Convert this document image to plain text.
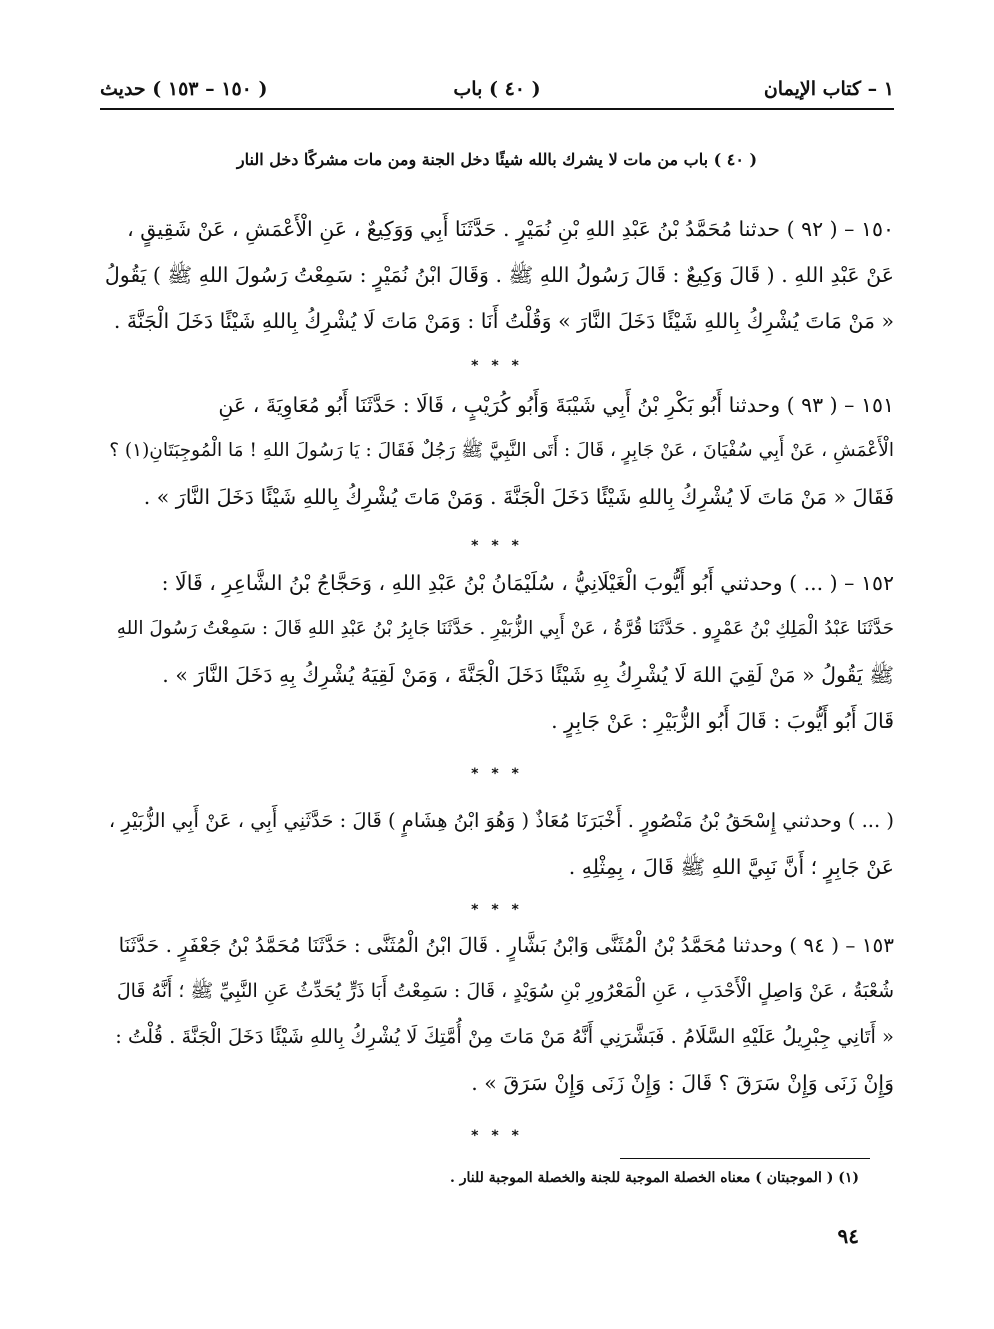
١ – كتاب الإيمان
( ٤٠ ) باب
( ١٥٠ – ١٥٣ ) حديث
( ٤٠ ) باب من مات لا يشرك بالله شيئًا دخل الجنة ومن مات مشركًا دخل النار
١٥٠ – ( ٩٢ ) حدثنا مُحَمَّدُ بْنُ عَبْدِ اللهِ بْنِ نُمَيْرٍ . حَدَّثَنَا أَبِي وَوَكِيعٌ ، عَنِ الْأَعْمَشِ ، عَنْ شَقِيقٍ ،
عَنْ عَبْدِ اللهِ . ( قَالَ وَكِيعٌ : قَالَ رَسُولُ اللهِ ﷺ . وَقَالَ ابْنُ نُمَيْرٍ : سَمِعْتُ رَسُولَ اللهِ ﷺ ) يَقُولُ
« مَنْ مَاتَ يُشْرِكُ بِاللهِ شَيْئًا دَخَلَ النَّارَ » وَقُلْتُ أَنَا : وَمَنْ مَاتَ لَا يُشْرِكُ بِاللهِ شَيْئًا دَخَلَ الْجَنَّةَ .
* * *
١٥١ – ( ٩٣ ) وحدثنا أَبُو بَكْرِ بْنُ أَبِي شَيْبَةَ وَأَبُو كُرَيْبٍ ، قَالَا : حَدَّثَنَا أَبُو مُعَاوِيَةَ ، عَنِ
الْأَعْمَشِ ، عَنْ أَبِي سُفْيَانَ ، عَنْ جَابِرٍ ، قَالَ : أَتَى النَّبِيَّ ﷺ رَجُلٌ فَقَالَ : يَا رَسُولَ اللهِ ! مَا الْمُوجِبَتَانِ(١) ؟
فَقَالَ « مَنْ مَاتَ لَا يُشْرِكُ بِاللهِ شَيْئًا دَخَلَ الْجَنَّةَ . وَمَنْ مَاتَ يُشْرِكُ بِاللهِ شَيْئًا دَخَلَ النَّارَ » .
* * *
١٥٢ – ( ... ) وحدثني أَبُو أَيُّوبَ الْغَيْلَانِيُّ ، سُلَيْمَانُ بْنُ عَبْدِ اللهِ ، وَحَجَّاجُ بْنُ الشَّاعِرِ ، قَالَا :
حَدَّثَنَا عَبْدُ الْمَلِكِ بْنُ عَمْرٍو . حَدَّثَنَا قُرَّةُ ، عَنْ أَبِي الزُّبَيْرِ . حَدَّثَنَا جَابِرُ بْنُ عَبْدِ اللهِ قَالَ : سَمِعْتُ رَسُولَ اللهِ
ﷺ يَقُولُ « مَنْ لَقِيَ اللهَ لَا يُشْرِكُ بِهِ شَيْئًا دَخَلَ الْجَنَّةَ ، وَمَنْ لَقِيَهُ يُشْرِكُ بِهِ دَخَلَ النَّارَ » .
قَالَ أَبُو أَيُّوبَ : قَالَ أَبُو الزُّبَيْرِ : عَنْ جَابِرٍ .
* * *
( ... ) وحدثني إِسْحَقُ بْنُ مَنْصُورٍ . أَخْبَرَنَا مُعَاذٌ ( وَهُوَ ابْنُ هِشَامٍ ) قَالَ : حَدَّثَنِي أَبِي ، عَنْ أَبِي الزُّبَيْرِ ،
عَنْ جَابِرٍ ؛ أَنَّ نَبِيَّ اللهِ ﷺ قَالَ ، بِمِثْلِهِ .
* * *
١٥٣ – ( ٩٤ ) وحدثنا مُحَمَّدُ بْنُ الْمُثَنَّى وَابْنُ بَشَّارٍ . قَالَ ابْنُ الْمُثَنَّى : حَدَّثَنَا مُحَمَّدُ بْنُ جَعْفَرٍ . حَدَّثَنَا
شُعْبَةُ ، عَنْ وَاصِلٍ الْأَحْدَبِ ، عَنِ الْمَعْرُورِ بْنِ سُوَيْدٍ ، قَالَ : سَمِعْتُ أَبَا ذَرٍّ يُحَدِّثُ عَنِ النَّبِيِّ ﷺ ؛ أَنَّهُ قَالَ
« أَتَانِي جِبْرِيلُ عَلَيْهِ السَّلَامُ . فَبَشَّرَنِي أَنَّهُ مَنْ مَاتَ مِنْ أُمَّتِكَ لَا يُشْرِكُ بِاللهِ شَيْئًا دَخَلَ الْجَنَّةَ . قُلْتُ :
وَإِنْ زَنَى وَإِنْ سَرَقَ ؟ قَالَ : وَإِنْ زَنَى وَإِنْ سَرَقَ » .
* * *
(١) ( الموجبتان ) معناه الخصلة الموجبة للجنة والخصلة الموجبة للنار .
٩٤
